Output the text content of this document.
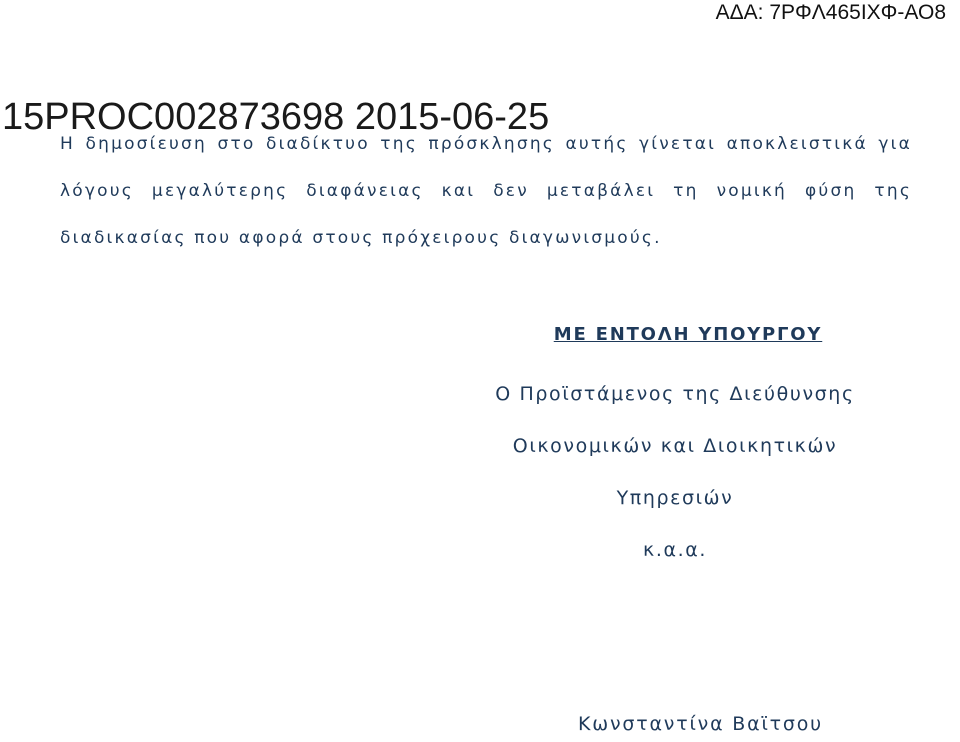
ΑΔΑ: 7ΡΦΛ465ΙΧΦ-ΑΟ8
15PROC002873698 2015-06-25

Η δημοσίευση στο διαδίκτυο της πρόσκλησης αυτής γίνεται αποκλειστικά για λόγους μεγαλύτερης διαφάνειας και δεν μεταβάλει τη νομική φύση της διαδικασίας που αφορά στους πρόχειρους διαγωνισμούς.

ΜΕ ΕΝΤΟΛΗ ΥΠΟΥΡΓΟΥ
Ο Προϊστάμενος της Διεύθυνσης
Οικονομικών και Διοικητικών
Υπηρεσιών
κ.α.α.
Κωνσταντίνα Βαϊτσου
